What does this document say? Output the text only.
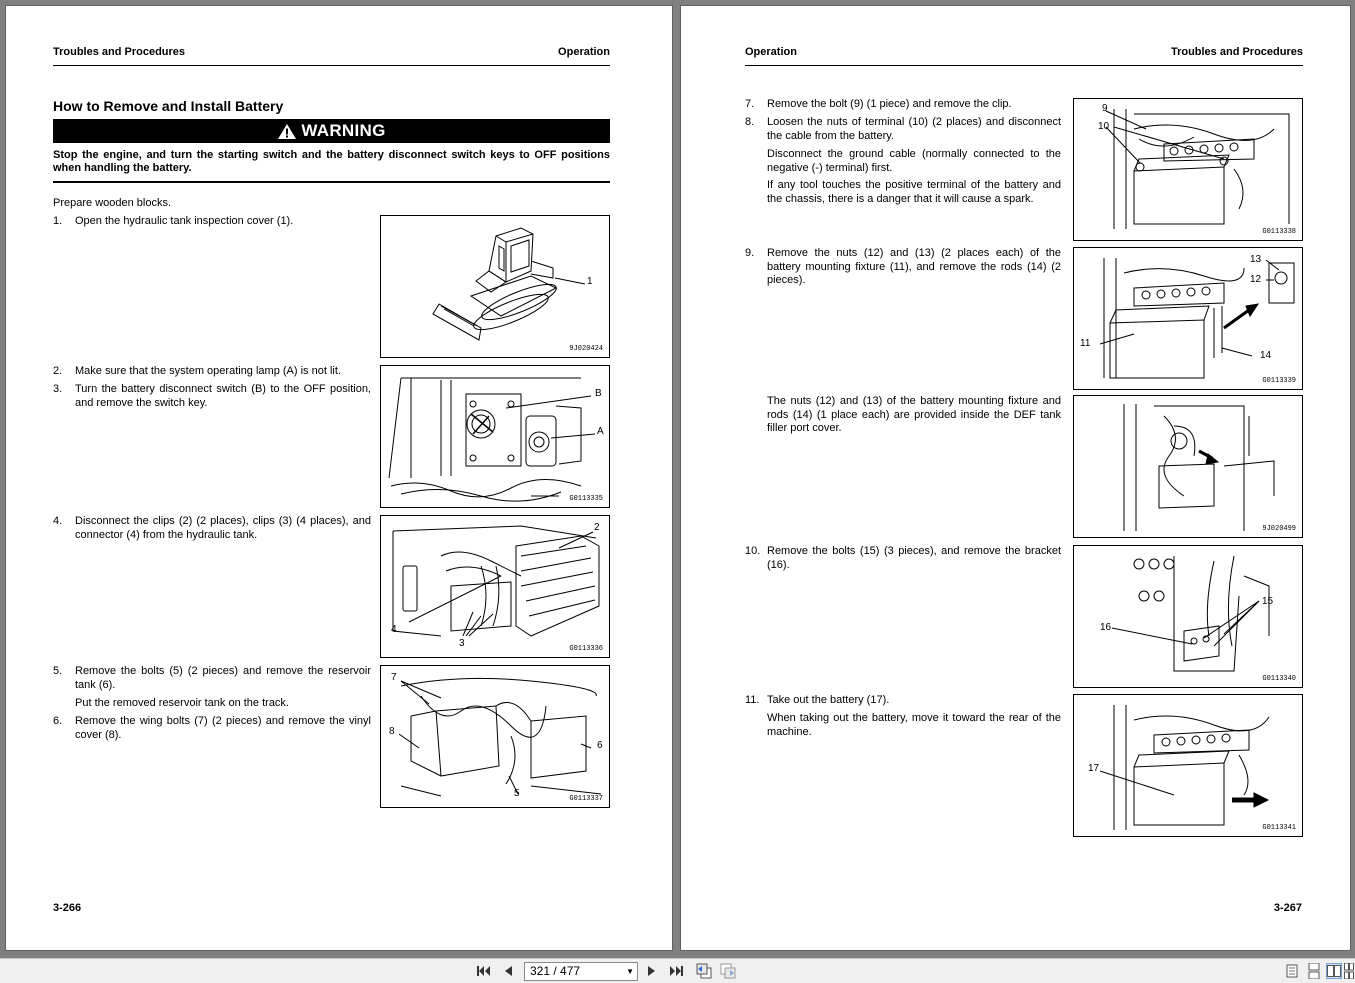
Troubles and Procedures	Operation
How to Remove and Install Battery
WARNING
Stop the engine, and turn the starting switch and the battery disconnect switch keys to OFF positions when handling the battery.
Prepare wooden blocks.
1. Open the hydraulic tank inspection cover (1).
2. Make sure that the system operating lamp (A) is not lit.
3. Turn the battery disconnect switch (B) to the OFF position, and remove the switch key.
4. Disconnect the clips (2) (2 places), clips (3) (4 places), and connector (4) from the hydraulic tank.
5. Remove the bolts (5) (2 pieces) and remove the reservoir tank (6).
Put the removed reservoir tank on the track.
6. Remove the wing bolts (7) (2 pieces) and remove the vinyl cover (8).
1
9J020424
B
A
G0113335
2
4
3	G0113336
7
8
6
5	G0113337
3-266
Operation	Troubles and Procedures
7. Remove the bolt (9) (1 piece) and remove the clip.
8. Loosen the nuts of terminal (10) (2 places) and disconnect the cable from the battery.
Disconnect the ground cable (normally connected to the negative (-) terminal) first.
If any tool touches the positive terminal of the battery and the chassis, there is a danger that it will cause a spark.
9. Remove the nuts (12) and (13) (2 places each) of the battery mounting fixture (11), and remove the rods (14) (2 pieces).
The nuts (12) and (13) of the battery mounting fixture and rods (14) (1 place each) are provided inside the DEF tank filler port cover.
10. Remove the bolts (15) (3 pieces), and remove the bracket (16).
11. Take out the battery (17).
When taking out the battery, move it toward the rear of the machine.
9
10
G0113338
13
12
11
14
G0113339
9J020499
16
15
G0113340
17
G0113341
3-267
321 / 477	▼
